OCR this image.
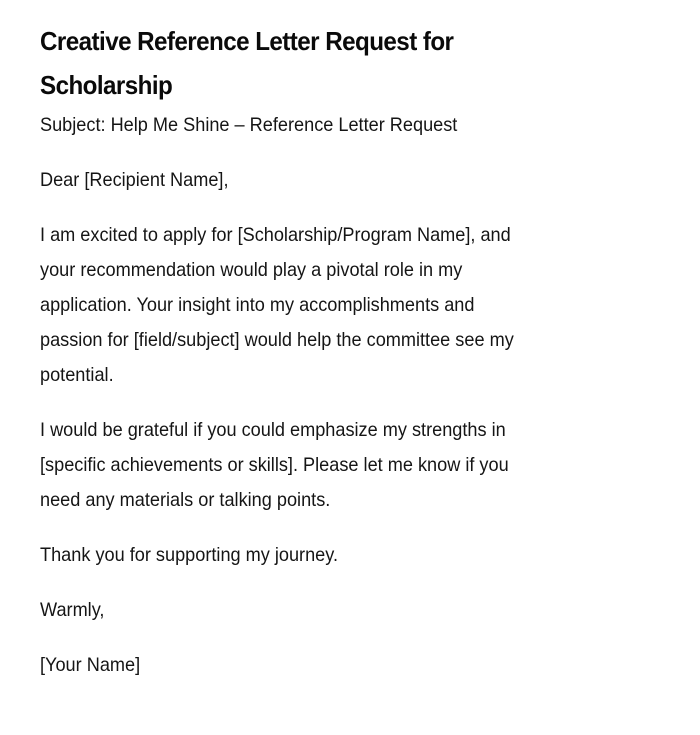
Creative Reference Letter Request for
Scholarship

Subject: Help Me Shine – Reference Letter Request

Dear [Recipient Name],

I am excited to apply for [Scholarship/Program Name], and
your recommendation would play a pivotal role in my
application. Your insight into my accomplishments and
passion for [field/subject] would help the committee see my
potential.

I would be grateful if you could emphasize my strengths in
[specific achievements or skills]. Please let me know if you
need any materials or talking points.

Thank you for supporting my journey.

Warmly,

[Your Name]
